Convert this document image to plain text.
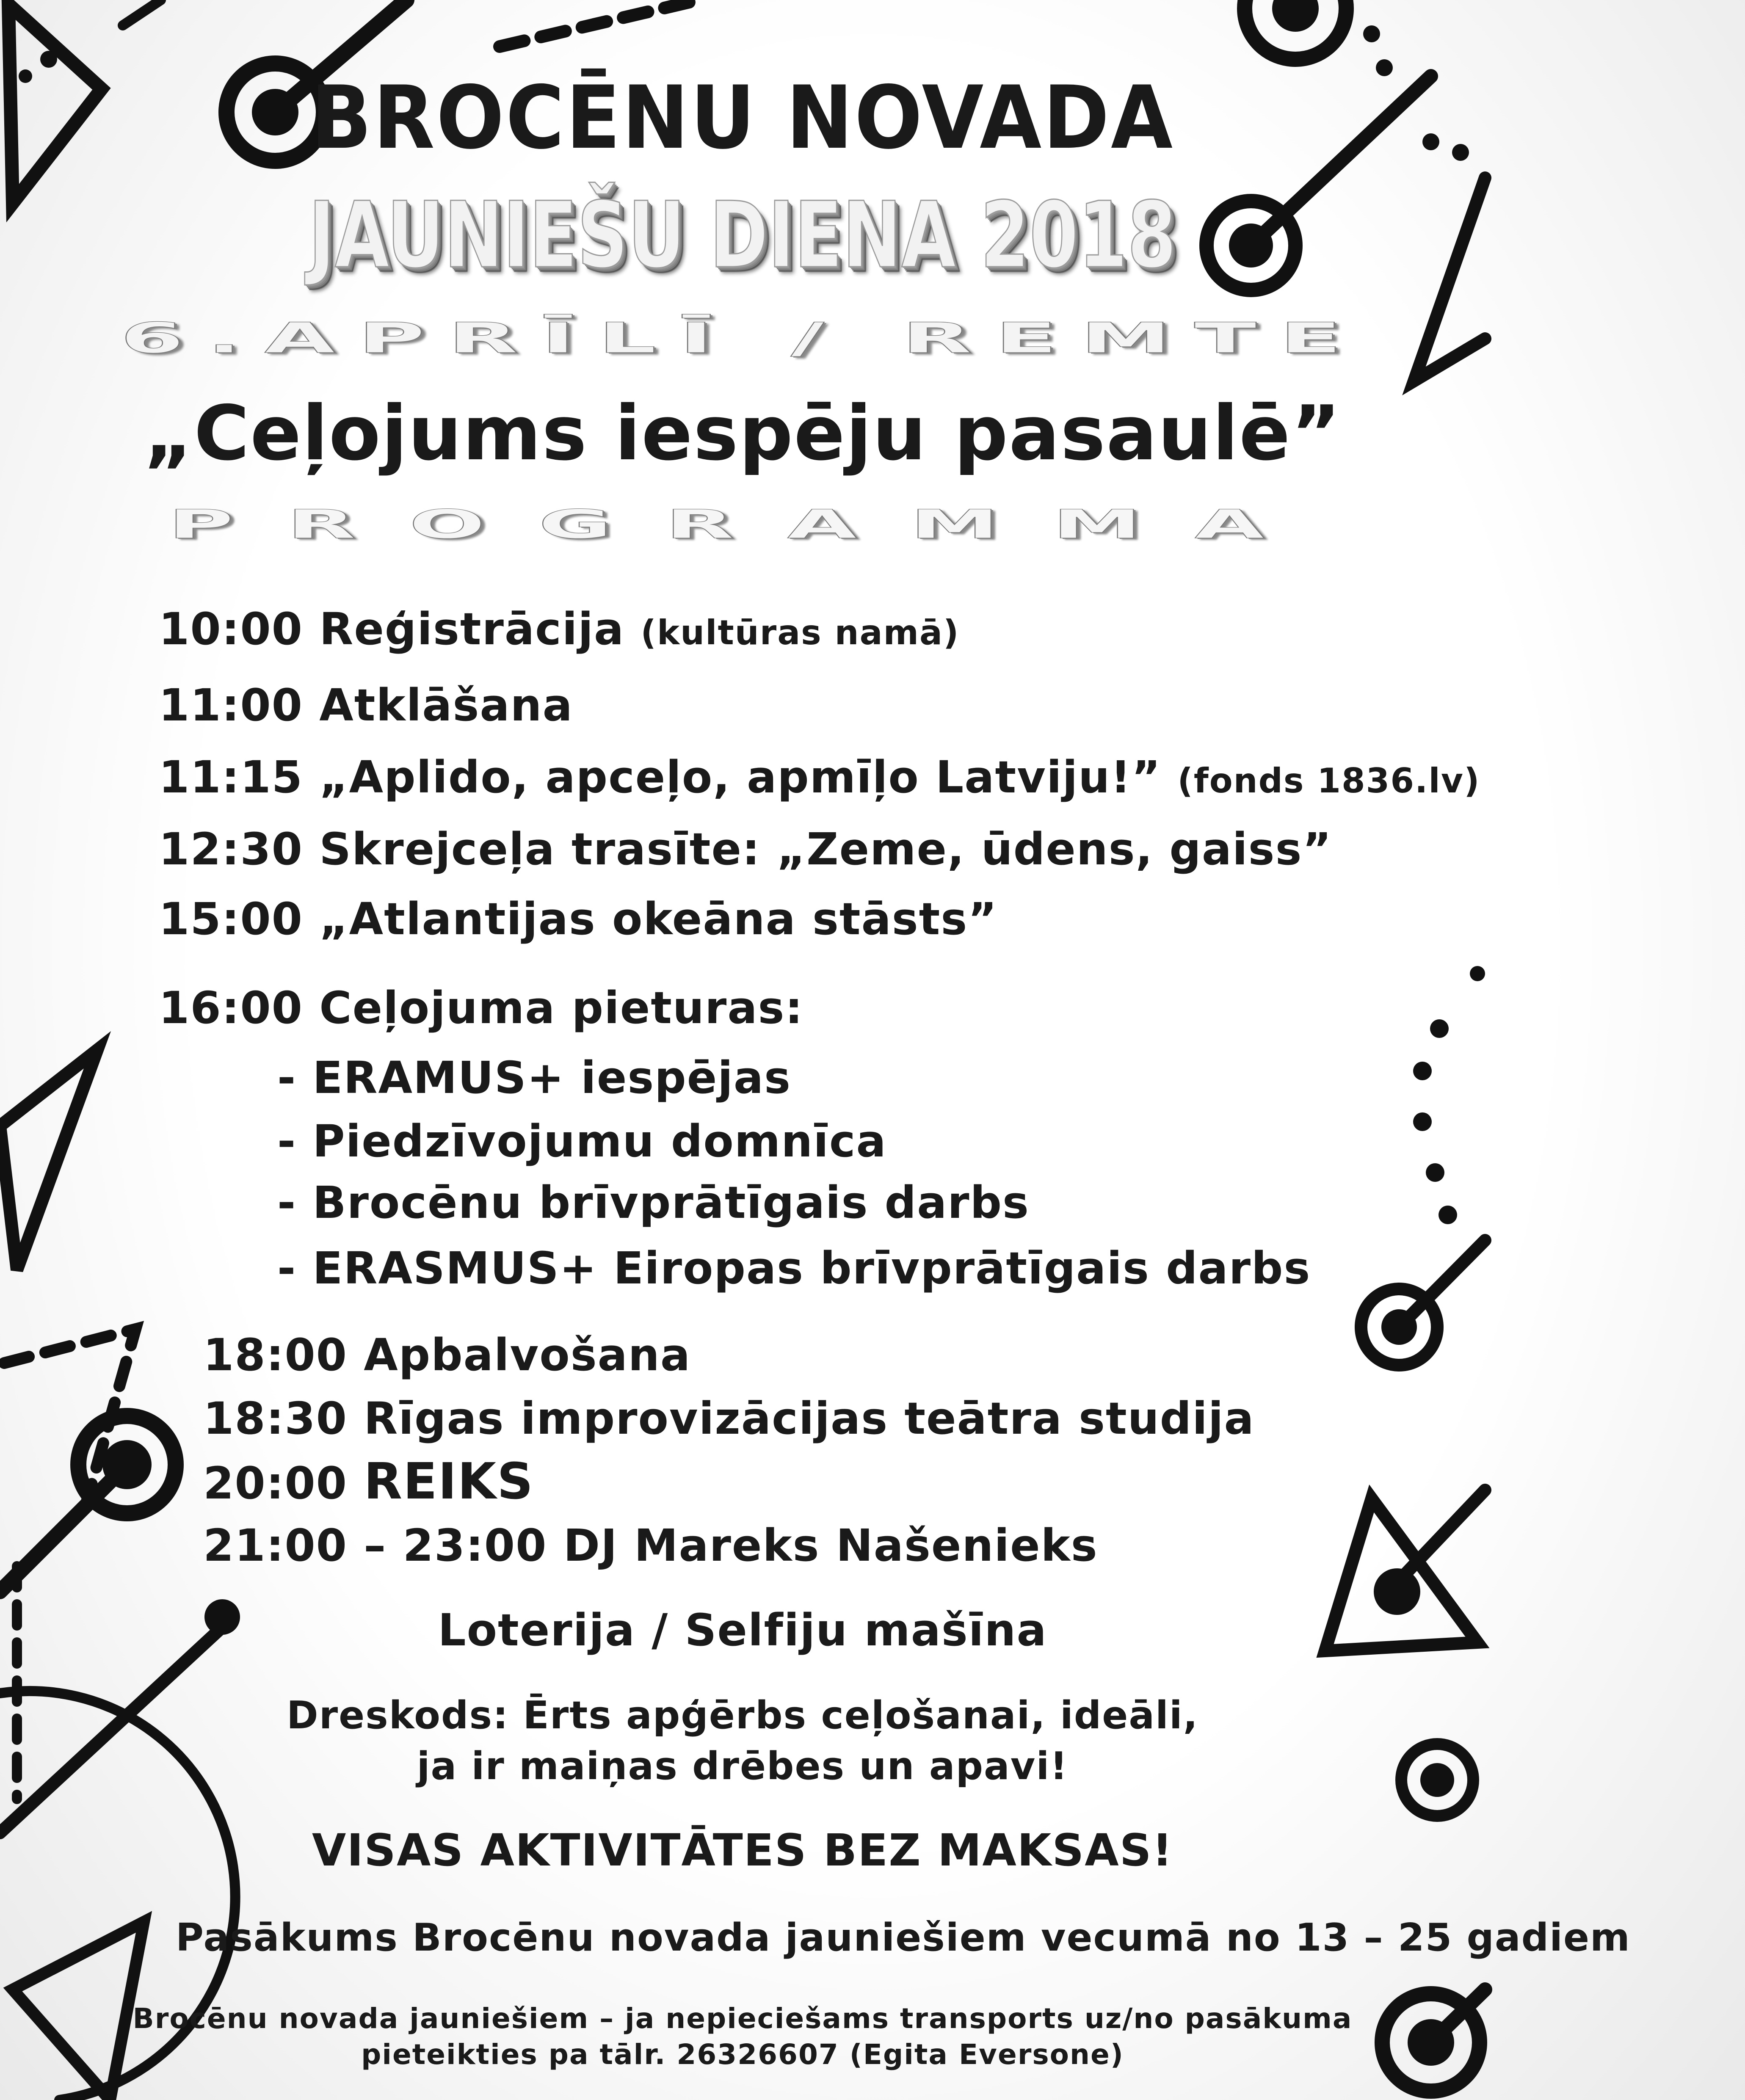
BROCĒNU NOVADA
JAUNIEŠU DIENA 2018
6.APRĪLĪ / REMTE
„Ceļojums iespēju pasaulē”
PROGRAMMA
10:00 Reģistrācija (kultūras namā)
11:00 Atklāšana
11:15 „Aplido, apceļo, apmīļo Latviju!” (fonds 1836.lv)
12:30 Skrejceļa trasīte: „Zeme, ūdens, gaiss”
15:00 „Atlantijas okeāna stāsts”
16:00 Ceļojuma pieturas:
- ERAMUS+ iespējas
- Piedzīvojumu domnīca
- Brocēnu brīvprātīgais darbs
- ERASMUS+ Eiropas brīvprātīgais darbs
18:00 Apbalvošana
18:30 Rīgas improvizācijas teātra studija
20:00 REIKS
21:00 – 23:00 DJ Mareks Našenieks
Loterija / Selfiju mašīna
Dreskods: Ērts apģērbs ceļošanai, ideāli,
ja ir maiņas drēbes un apavi!
VISAS AKTIVITĀTES BEZ MAKSAS!
Pasākums Brocēnu novada jauniešiem vecumā no 13 – 25 gadiem
Brocēnu novada jauniešiem – ja nepieciešams transports uz/no pasākuma
pieteikties pa tālr. 26326607 (Egita Eversone)
